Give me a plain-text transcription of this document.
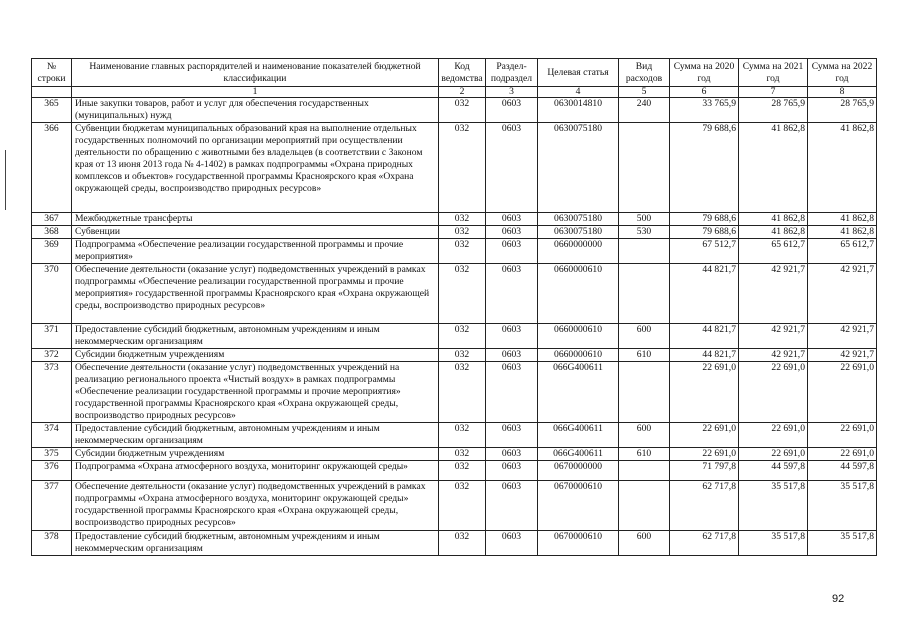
№ строки	Наименование главных распорядителей и наименование показателей бюджетной классификации	Код ведомства	Раздел-подраздел	Целевая статья	Вид расходов	Сумма на 2020 год	Сумма на 2021 год	Сумма на 2022 год
	1	2	3	4	5	6	7	8
365	Иные закупки товаров, работ и услуг для обеспечения государственных (муниципальных) нужд	032	0603	0630014810	240	33 765,9	28 765,9	28 765,9
366	Субвенции бюджетам муниципальных образований края на выполнение отдельных государственных полномочий по организации мероприятий при осуществлении деятельности по обращению с животными без владельцев (в соответствии с Законом края от 13 июня 2013 года № 4-1402) в рамках подпрограммы «Охрана природных комплексов и объектов» государственной программы Красноярского края «Охрана окружающей среды, воспроизводство природных ресурсов»	032	0603	0630075180		79 688,6	41 862,8	41 862,8
367	Межбюджетные трансферты	032	0603	0630075180	500	79 688,6	41 862,8	41 862,8
368	Субвенции	032	0603	0630075180	530	79 688,6	41 862,8	41 862,8
369	Подпрограмма «Обеспечение реализации государственной программы и прочие мероприятия»	032	0603	0660000000		67 512,7	65 612,7	65 612,7
370	Обеспечение деятельности (оказание услуг) подведомственных учреждений в рамках подпрограммы «Обеспечение реализации государственной программы и прочие мероприятия» государственной программы Красноярского края «Охрана окружающей среды, воспроизводство природных ресурсов»	032	0603	0660000610		44 821,7	42 921,7	42 921,7
371	Предоставление субсидий бюджетным, автономным учреждениям и иным некоммерческим организациям	032	0603	0660000610	600	44 821,7	42 921,7	42 921,7
372	Субсидии бюджетным учреждениям	032	0603	0660000610	610	44 821,7	42 921,7	42 921,7
373	Обеспечение деятельности (оказание услуг) подведомственных учреждений на реализацию регионального проекта «Чистый воздух» в рамках подпрограммы «Обеспечение реализации государственной программы и прочие мероприятия» государственной программы Красноярского края «Охрана окружающей среды, воспроизводство природных ресурсов»	032	0603	066G400611		22 691,0	22 691,0	22 691,0
374	Предоставление субсидий бюджетным, автономным учреждениям и иным некоммерческим организациям	032	0603	066G400611	600	22 691,0	22 691,0	22 691,0
375	Субсидии бюджетным учреждениям	032	0603	066G400611	610	22 691,0	22 691,0	22 691,0
376	Подпрограмма «Охрана атмосферного воздуха, мониторинг окружающей среды»	032	0603	0670000000		71 797,8	44 597,8	44 597,8
377	Обеспечение деятельности (оказание услуг) подведомственных учреждений в рамках подпрограммы «Охрана атмосферного воздуха, мониторинг окружающей среды» государственной программы Красноярского края «Охрана окружающей среды, воспроизводство природных ресурсов»	032	0603	0670000610		62 717,8	35 517,8	35 517,8
378	Предоставление субсидий бюджетным, автономным учреждениям и иным некоммерческим организациям	032	0603	0670000610	600	62 717,8	35 517,8	35 517,8
92
